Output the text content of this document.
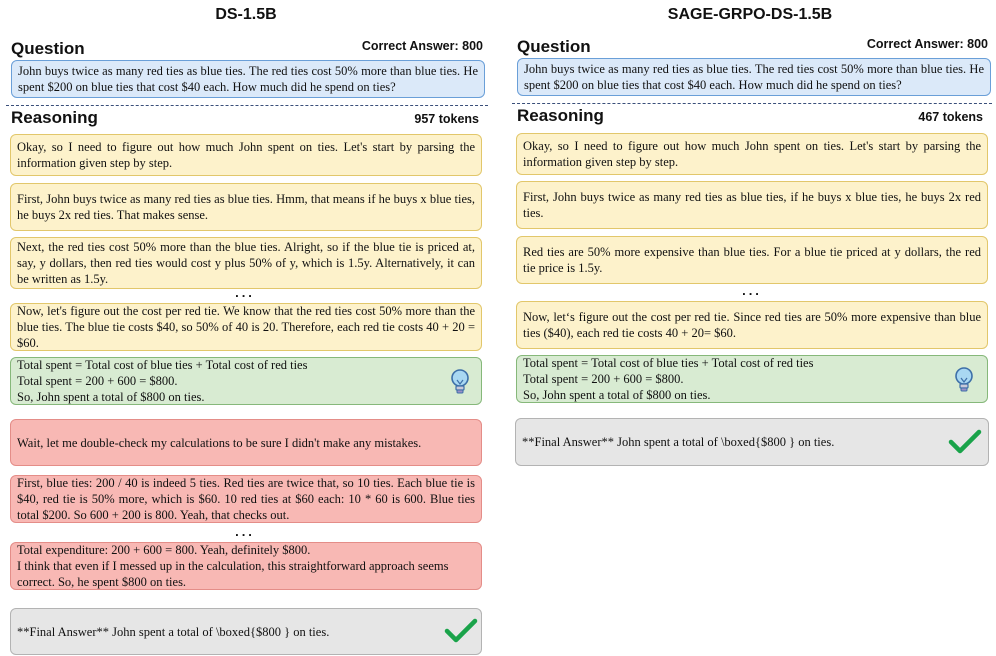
DS-1.5B
Question	Correct Answer: 800
John buys twice as many red ties as blue ties. The red ties cost 50% more than blue ties. He spent $200 on blue ties that cost $40 each. How much did he spend on ties?
Reasoning	957 tokens
Okay, so I need to figure out how much John spent on ties. Let's start by parsing the information given step by step.
First, John buys twice as many red ties as blue ties. Hmm, that means if he buys x blue ties, he buys 2x red ties. That makes sense.
Next, the red ties cost 50% more than the blue ties. Alright, so if the blue tie is priced at, say, y dollars, then red ties would cost y plus 50% of y, which is 1.5y. Alternatively, it can be written as 1.5y.
...
Now, let's figure out the cost per red tie. We know that the red ties cost 50% more than the blue ties. The blue tie costs $40, so 50% of 40 is 20. Therefore, each red tie costs 40 + 20 = $60.
Total spent = Total cost of blue ties + Total cost of red ties
Total spent = 200 + 600 = $800.
So, John spent a total of $800 on ties.
Wait, let me double-check my calculations to be sure I didn't make any mistakes.
First, blue ties: 200 / 40 is indeed 5 ties. Red ties are twice that, so 10 ties. Each blue tie is $40, red tie is 50% more, which is $60. 10 red ties at $60 each: 10 * 60 is 600. Blue ties total $200. So 600 + 200 is 800. Yeah, that checks out.
...
Total expenditure: 200 + 600 = 800. Yeah, definitely $800.
I think that even if I messed up in the calculation, this straightforward approach seems correct. So, he spent $800 on ties.
**Final Answer** John spent a total of \boxed{$800 } on ties.
SAGE-GRPO-DS-1.5B
Question	Correct Answer: 800
John buys twice as many red ties as blue ties. The red ties cost 50% more than blue ties. He spent $200 on blue ties that cost $40 each. How much did he spend on ties?
Reasoning	467 tokens
Okay, so I need to figure out how much John spent on ties. Let's start by parsing the information given step by step.
First, John buys twice as many red ties as blue ties, if he buys x blue ties, he buys 2x red ties.
Red ties are 50% more expensive than blue ties. For a blue tie priced at y dollars, the red tie price is 1.5y.
...
Now, let‘s figure out the cost per red tie. Since red ties are 50% more expensive than blue ties ($40), each red tie costs 40 + 20= $60.
Total spent = Total cost of blue ties + Total cost of red ties
Total spent = 200 + 600 = $800.
So, John spent a total of $800 on ties.
**Final Answer** John spent a total of \boxed{$800 } on ties.
